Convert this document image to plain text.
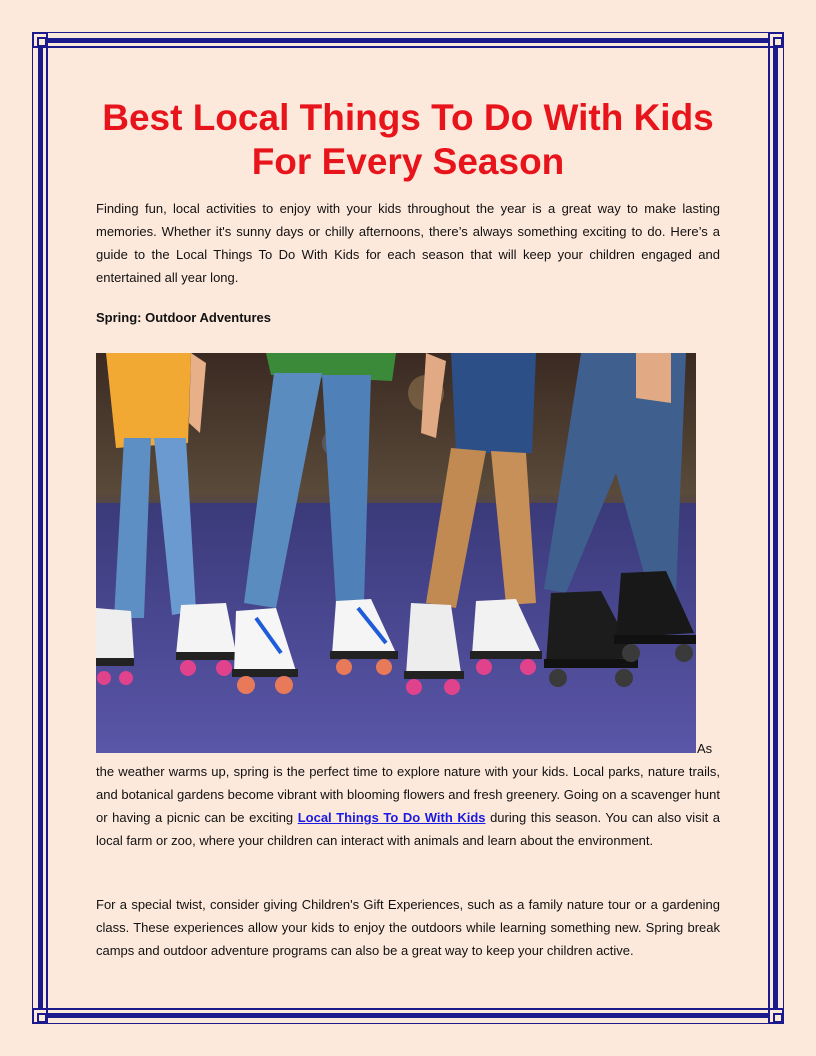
Best Local Things To Do With Kids
For Every Season

Finding fun, local activities to enjoy with your kids throughout the year is a great way to make lasting memories. Whether it's sunny days or chilly afternoons, there’s always something exciting to do. Here’s a guide to the Local Things To Do With Kids for each season that will keep your children engaged and entertained all year long.

Spring: Outdoor Adventures

As

the weather warms up, spring is the perfect time to explore nature with your kids. Local parks, nature trails, and botanical gardens become vibrant with blooming flowers and fresh greenery. Going on a scavenger hunt or having a picnic can be exciting Local Things To Do With Kids during this season. You can also visit a local farm or zoo, where your children can interact with animals and learn about the environment.

For a special twist, consider giving Children's Gift Experiences, such as a family nature tour or a gardening class. These experiences allow your kids to enjoy the outdoors while learning something new. Spring break camps and outdoor adventure programs can also be a great way to keep your children active.
